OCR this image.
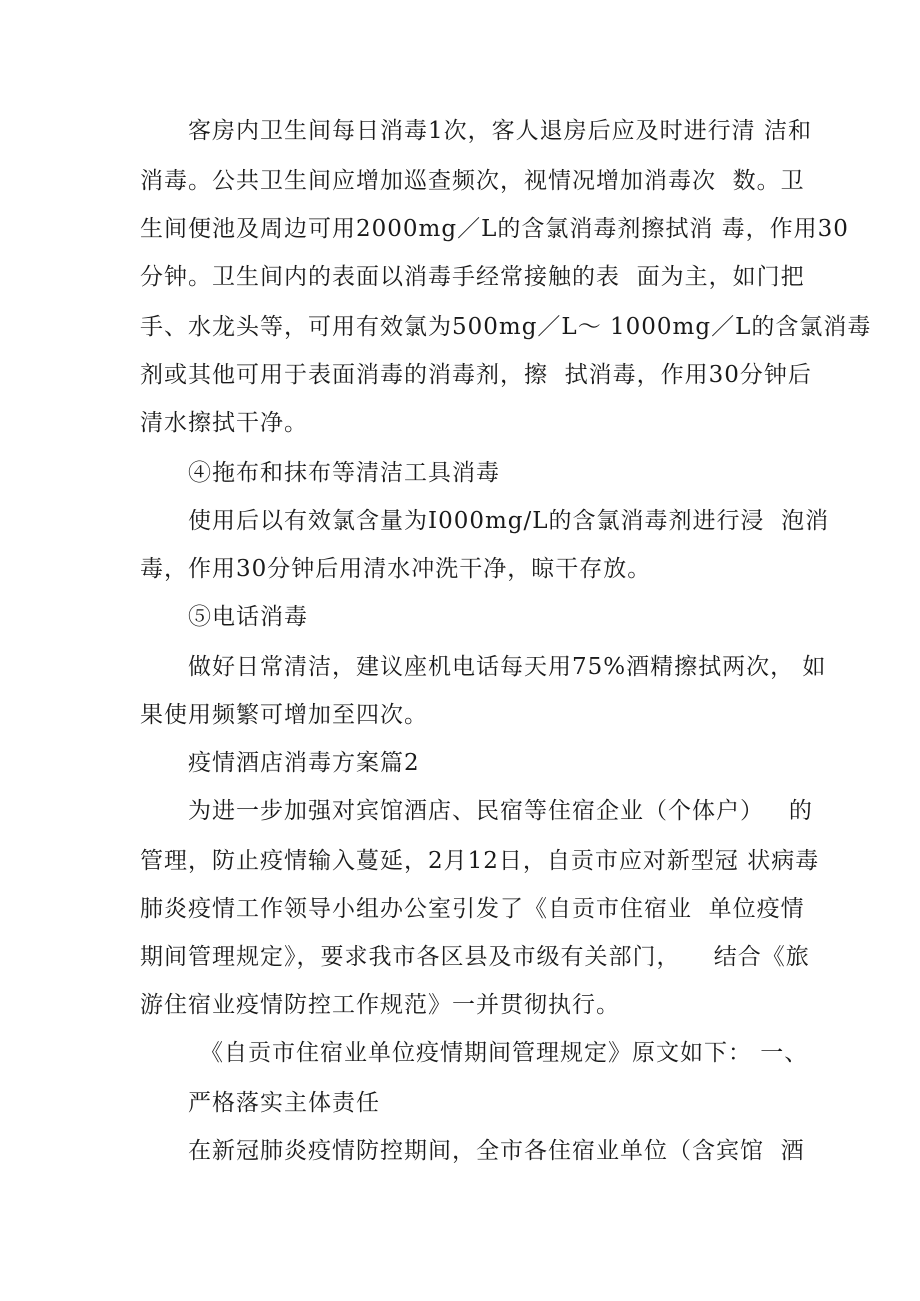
客房内卫生间每日消毒1次，客人退房后应及时进行清 洁和

消毒。公共卫生间应增加巡查频次，视情况增加消毒次  数。卫

生间便池及周边可用2000mg／L的含氯消毒剂擦拭消 毒，作用30

分钟。卫生间内的表面以消毒手经常接触的表  面为主，如门把

手、水龙头等，可用有效氯为500mg／L～ 1000mg／L的含氯消毒

剂或其他可用于表面消毒的消毒剂，擦  拭消毒，作用30分钟后

清水擦拭干净。

④拖布和抹布等清洁工具消毒

使用后以有效氯含量为I000mg/L的含氯消毒剂进行浸  泡消

毒，作用30分钟后用清水冲洗干净，晾干存放。

⑤电话消毒

做好日常清洁，建议座机电话每天用75%酒精擦拭两次， 如

果使用频繁可增加至四次。

疫情酒店消毒方案篇2

为进一步加强对宾馆酒店、民宿等住宿企业（个体户）   的

管理，防止疫情输入蔓延，2月12日，自贡市应对新型冠 状病毒

肺炎疫情工作领导小组办公室引发了《自贡市住宿业  单位疫情

期间管理规定》，要求我市各区县及市级有关部门，    结合《旅

游住宿业疫情防控工作规范》一并贯彻执行。

《自贡市住宿业单位疫情期间管理规定》原文如下： 一、

严格落实主体责任

在新冠肺炎疫情防控期间，全市各住宿业单位（含宾馆  酒
